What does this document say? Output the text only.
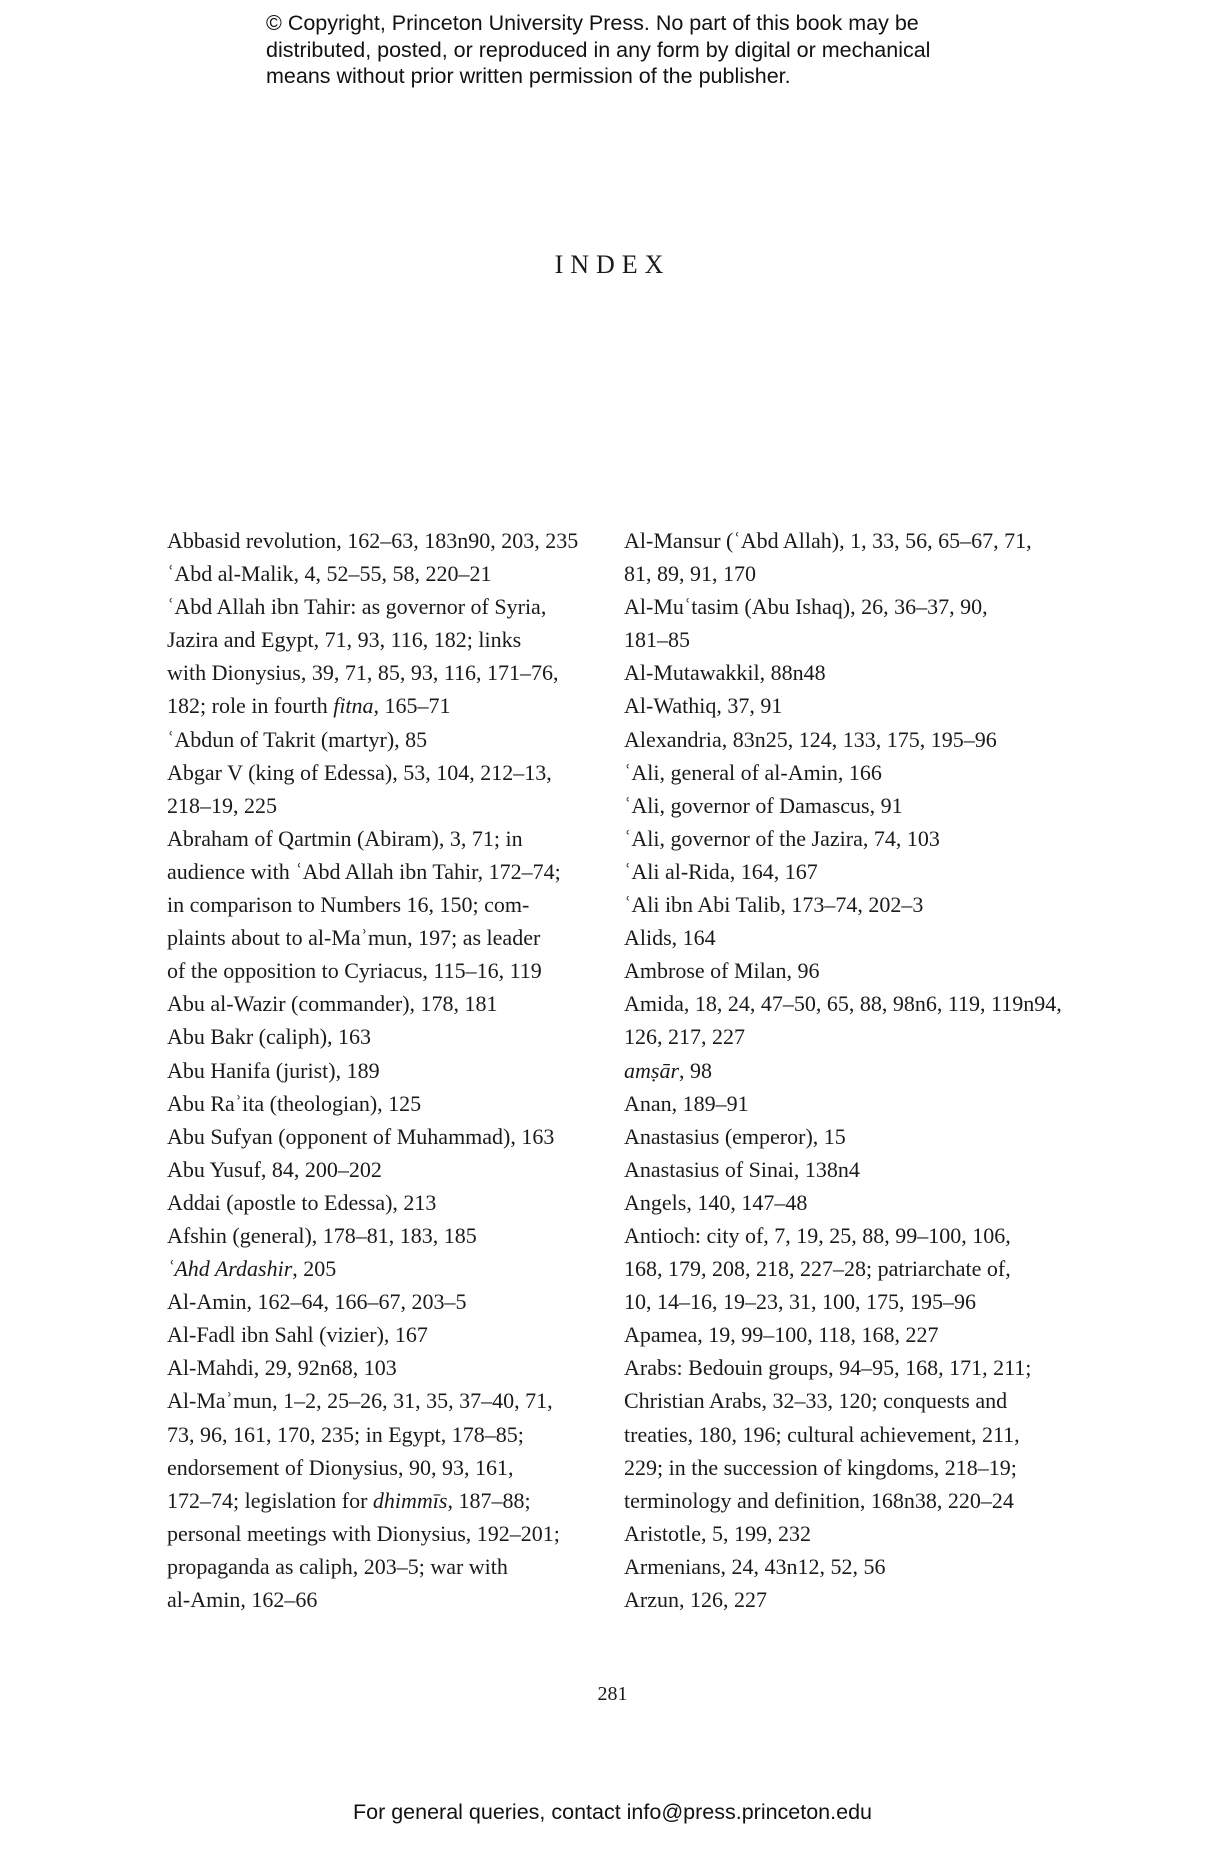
© Copyright, Princeton University Press. No part of this book may be
distributed, posted, or reproduced in any form by digital or mechanical
means without prior written permission of the publisher.
INDEX
Abbasid revolution, 162–63, 183n90, 203, 235
ʿAbd al-Malik, 4, 52–55, 58, 220–21
ʿAbd Allah ibn Tahir: as governor of Syria,
Jazira and Egypt, 71, 93, 116, 182; links
with Dionysius, 39, 71, 85, 93, 116, 171–76,
182; role in fourth fitna, 165–71
ʿAbdun of Takrit (martyr), 85
Abgar V (king of Edessa), 53, 104, 212–13,
218–19, 225
Abraham of Qartmin (Abiram), 3, 71; in
audience with ʿAbd Allah ibn Tahir, 172–74;
in comparison to Numbers 16, 150; com-
plaints about to al-Maʾmun, 197; as leader
of the opposition to Cyriacus, 115–16, 119
Abu al-Wazir (commander), 178, 181
Abu Bakr (caliph), 163
Abu Hanifa (jurist), 189
Abu Raʾita (theologian), 125
Abu Sufyan (opponent of Muhammad), 163
Abu Yusuf, 84, 200–202
Addai (apostle to Edessa), 213
Afshin (general), 178–81, 183, 185
ʿAhd Ardashir, 205
Al-Amin, 162–64, 166–67, 203–5
Al-Fadl ibn Sahl (vizier), 167
Al-Mahdi, 29, 92n68, 103
Al-Maʾmun, 1–2, 25–26, 31, 35, 37–40, 71,
73, 96, 161, 170, 235; in Egypt, 178–85;
endorsement of Dionysius, 90, 93, 161,
172–74; legislation for dhimmīs, 187–88;
personal meetings with Dionysius, 192–201;
propaganda as caliph, 203–5; war with
al-Amin, 162–66
Al-Mansur (ʿAbd Allah), 1, 33, 56, 65–67, 71,
81, 89, 91, 170
Al-Muʿtasim (Abu Ishaq), 26, 36–37, 90,
181–85
Al-Mutawakkil, 88n48
Al-Wathiq, 37, 91
Alexandria, 83n25, 124, 133, 175, 195–96
ʿAli, general of al-Amin, 166
ʿAli, governor of Damascus, 91
ʿAli, governor of the Jazira, 74, 103
ʿAli al-Rida, 164, 167
ʿAli ibn Abi Talib, 173–74, 202–3
Alids, 164
Ambrose of Milan, 96
Amida, 18, 24, 47–50, 65, 88, 98n6, 119, 119n94,
126, 217, 227
amṣār, 98
Anan, 189–91
Anastasius (emperor), 15
Anastasius of Sinai, 138n4
Angels, 140, 147–48
Antioch: city of, 7, 19, 25, 88, 99–100, 106,
168, 179, 208, 218, 227–28; patriarchate of,
10, 14–16, 19–23, 31, 100, 175, 195–96
Apamea, 19, 99–100, 118, 168, 227
Arabs: Bedouin groups, 94–95, 168, 171, 211;
Christian Arabs, 32–33, 120; conquests and
treaties, 180, 196; cultural achievement, 211,
229; in the succession of kingdoms, 218–19;
terminology and definition, 168n38, 220–24
Aristotle, 5, 199, 232
Armenians, 24, 43n12, 52, 56
Arzun, 126, 227
281
For general queries, contact info@press.princeton.edu
